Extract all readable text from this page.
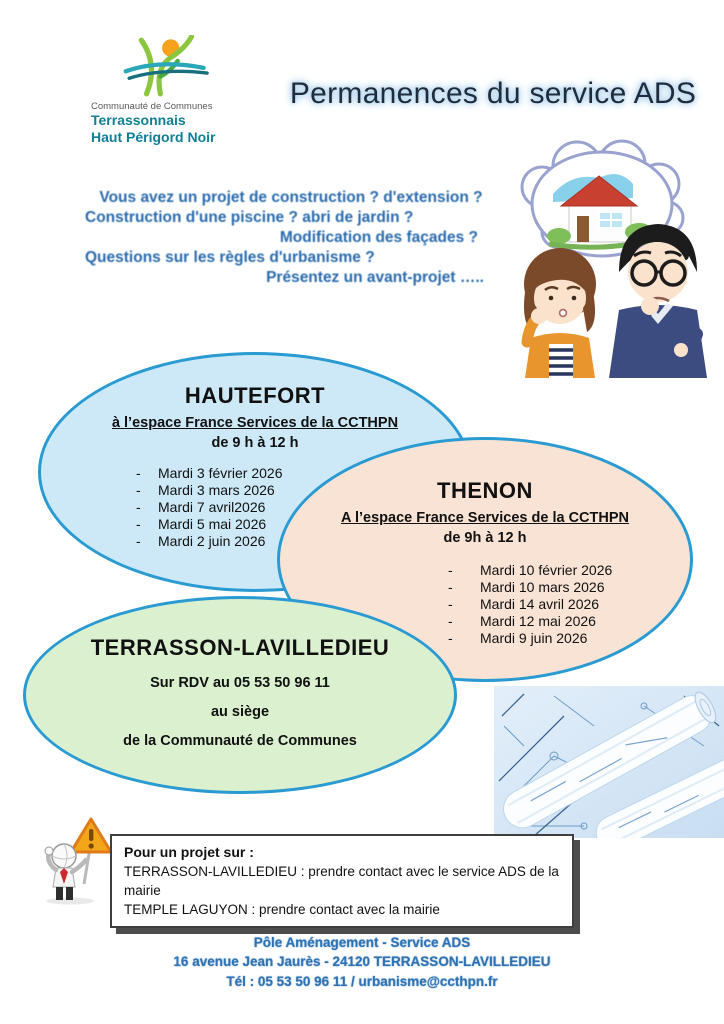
Communauté de Communes
Terrassonnais
Haut Périgord Noir
Permanences du service ADS
Vous avez un projet de construction ? d'extension ?
Construction d'une piscine ? abri de jardin ?
Modification des façades ?
Questions sur les règles d'urbanisme ?
Présentez un avant-projet …..
HAUTEFORT
à l’espace France Services de la CCTHPN
de 9 h à 12 h
-	Mardi 3 février 2026
-	Mardi 3 mars 2026
-	Mardi 7 avril2026
-	Mardi 5 mai 2026
-	Mardi 2 juin 2026
THENON
A l’espace France Services de la CCTHPN
de 9h à 12 h
-	Mardi 10 février 2026
-	Mardi 10 mars 2026
-	Mardi 14 avril 2026
-	Mardi 12 mai 2026
-	Mardi 9 juin 2026
TERRASSON-LAVILLEDIEU
Sur RDV au 05 53 50 96 11
au siège
de la Communauté de Communes
Pour un projet sur :
TERRASSON-LAVILLEDIEU : prendre contact avec le service ADS de la mairie
TEMPLE LAGUYON : prendre contact avec la mairie
Pôle Aménagement - Service ADS
16 avenue Jean Jaurès - 24120 TERRASSON-LAVILLEDIEU
Tél : 05 53 50 96 11 / urbanisme@ccthpn.fr
